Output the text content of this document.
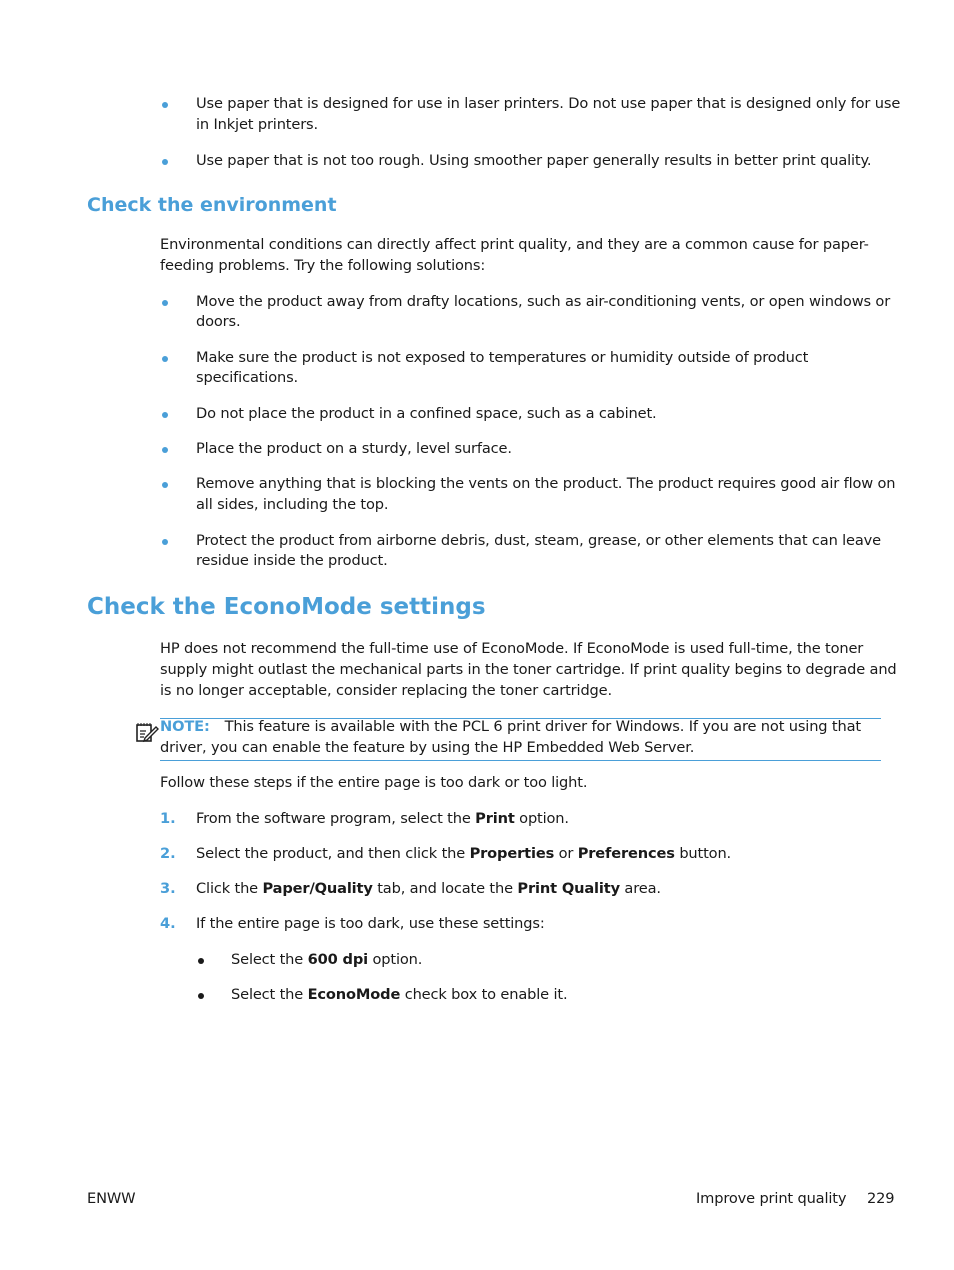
Use paper that is designed for use in laser printers. Do not use paper that is designed only for use
in Inkjet printers.
Use paper that is not too rough. Using smoother paper generally results in better print quality.
Check the environment
Environmental conditions can directly affect print quality, and they are a common cause for paper-
feeding problems. Try the following solutions:
Move the product away from drafty locations, such as air-conditioning vents, or open windows or
doors.
Make sure the product is not exposed to temperatures or humidity outside of product
specifications.
Do not place the product in a confined space, such as a cabinet.
Place the product on a sturdy, level surface.
Remove anything that is blocking the vents on the product. The product requires good air flow on
all sides, including the top.
Protect the product from airborne debris, dust, steam, grease, or other elements that can leave
residue inside the product.
Check the EconoMode settings
HP does not recommend the full-time use of EconoMode. If EconoMode is used full-time, the toner
supply might outlast the mechanical parts in the toner cartridge. If print quality begins to degrade and
is no longer acceptable, consider replacing the toner cartridge.
NOTE: This feature is available with the PCL 6 print driver for Windows. If you are not using that
driver, you can enable the feature by using the HP Embedded Web Server.
Follow these steps if the entire page is too dark or too light.
1. From the software program, select the Print option.
2. Select the product, and then click the Properties or Preferences button.
3. Click the Paper/Quality tab, and locate the Print Quality area.
4. If the entire page is too dark, use these settings:
Select the 600 dpi option.
Select the EconoMode check box to enable it.
ENWW	Improve print quality 229
